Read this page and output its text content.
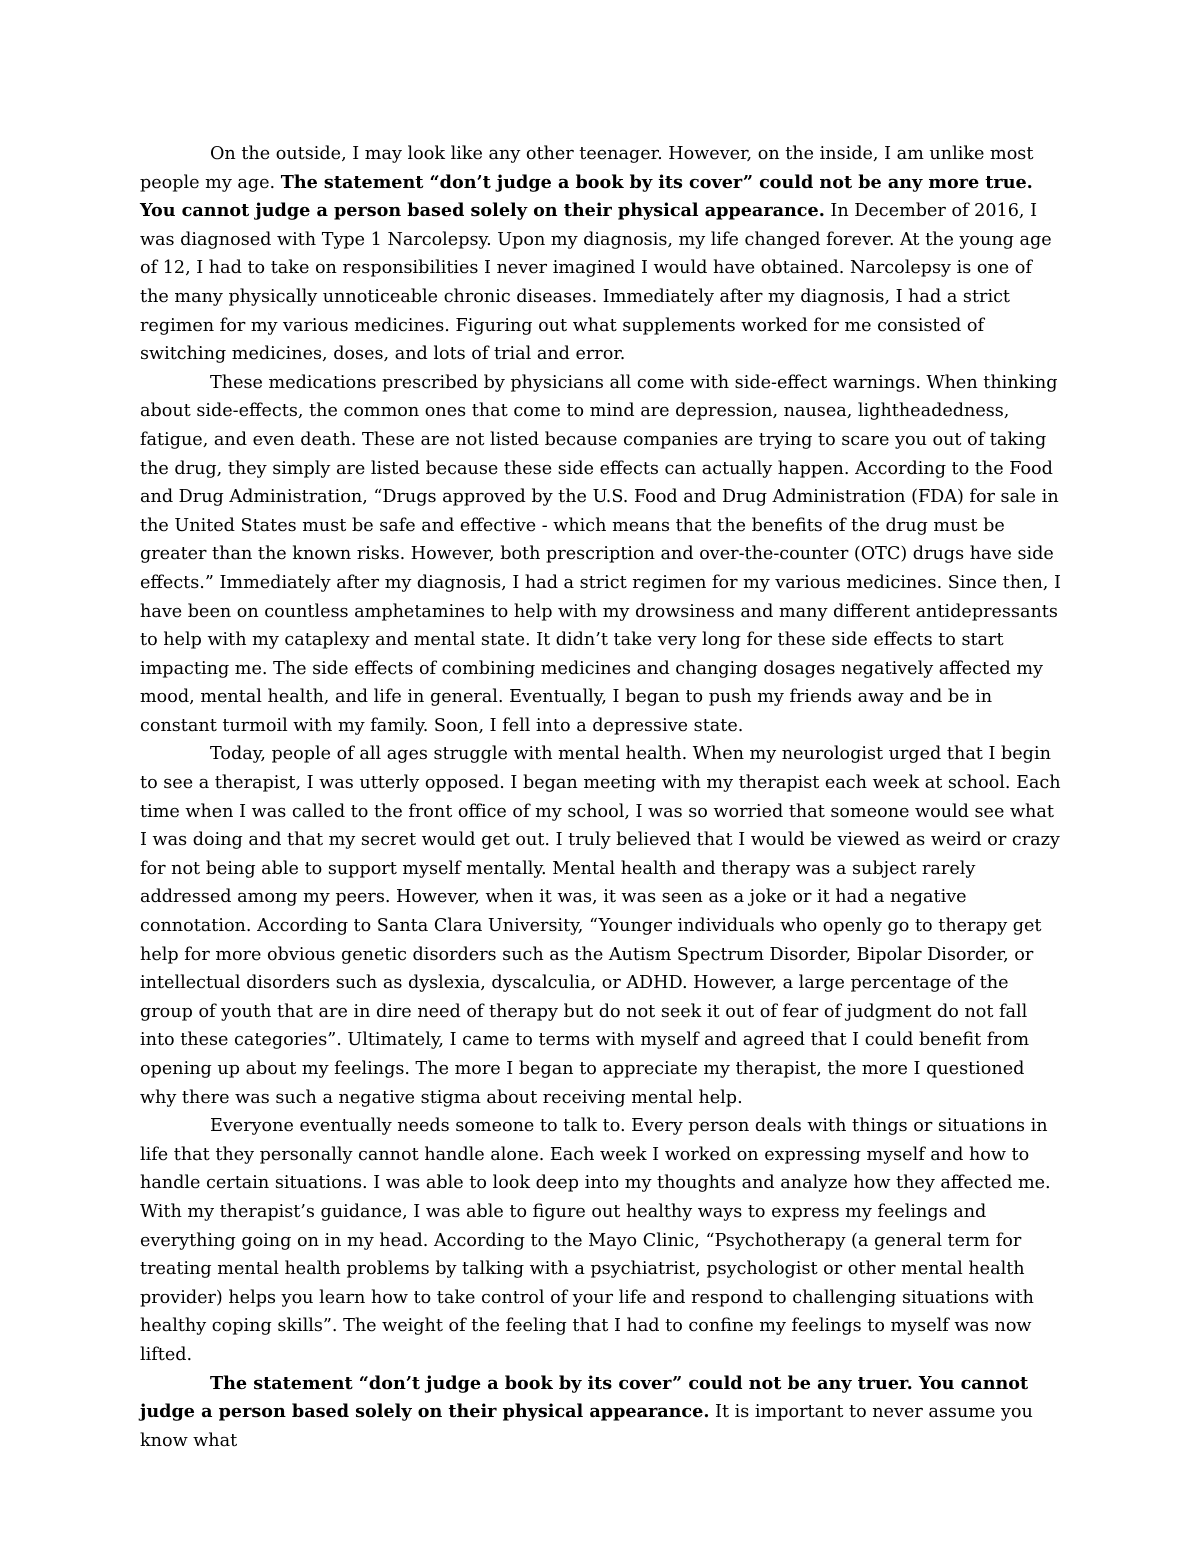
On the outside, I may look like any other teenager. However, on the inside, I am unlike most people my age. The statement “don’t judge a book by its cover” could not be any more true. You cannot judge a person based solely on their physical appearance. In December of 2016, I was diagnosed with Type 1 Narcolepsy. Upon my diagnosis, my life changed forever. At the young age of 12, I had to take on responsibilities I never imagined I would have obtained. Narcolepsy is one of the many physically unnoticeable chronic diseases. Immediately after my diagnosis, I had a strict regimen for my various medicines. Figuring out what supplements worked for me consisted of switching medicines, doses, and lots of trial and error.

These medications prescribed by physicians all come with side-effect warnings. When thinking about side-effects, the common ones that come to mind are depression, nausea, lightheadedness, fatigue, and even death. These are not listed because companies are trying to scare you out of taking the drug, they simply are listed because these side effects can actually happen. According to the Food and Drug Administration, “Drugs approved by the U.S. Food and Drug Administration (FDA) for sale in the United States must be safe and effective - which means that the benefits of the drug must be greater than the known risks. However, both prescription and over-the-counter (OTC) drugs have side effects.” Immediately after my diagnosis, I had a strict regimen for my various medicines. Since then, I have been on countless amphetamines to help with my drowsiness and many different antidepressants to help with my cataplexy and mental state. It didn’t take very long for these side effects to start impacting me. The side effects of combining medicines and changing dosages negatively affected my mood, mental health, and life in general. Eventually, I began to push my friends away and be in constant turmoil with my family. Soon, I fell into a depressive state.

Today, people of all ages struggle with mental health. When my neurologist urged that I begin to see a therapist, I was utterly opposed. I began meeting with my therapist each week at school. Each time when I was called to the front office of my school, I was so worried that someone would see what I was doing and that my secret would get out. I truly believed that I would be viewed as weird or crazy for not being able to support myself mentally. Mental health and therapy was a subject rarely addressed among my peers. However, when it was, it was seen as a joke or it had a negative connotation. According to Santa Clara University, “Younger individuals who openly go to therapy get help for more obvious genetic disorders such as the Autism Spectrum Disorder, Bipolar Disorder, or intellectual disorders such as dyslexia, dyscalculia, or ADHD. However, a large percentage of the group of youth that are in dire need of therapy but do not seek it out of fear of judgment do not fall into these categories”. Ultimately, I came to terms with myself and agreed that I could benefit from opening up about my feelings. The more I began to appreciate my therapist, the more I questioned why there was such a negative stigma about receiving mental help.

Everyone eventually needs someone to talk to. Every person deals with things or situations in life that they personally cannot handle alone. Each week I worked on expressing myself and how to handle certain situations. I was able to look deep into my thoughts and analyze how they affected me. With my therapist’s guidance, I was able to figure out healthy ways to express my feelings and everything going on in my head. According to the Mayo Clinic, “Psychotherapy (a general term for treating mental health problems by talking with a psychiatrist, psychologist or other mental health provider) helps you learn how to take control of your life and respond to challenging situations with healthy coping skills”. The weight of the feeling that I had to confine my feelings to myself was now lifted.

The statement “don’t judge a book by its cover” could not be any truer. You cannot judge a person based solely on their physical appearance. It is important to never assume you know what
